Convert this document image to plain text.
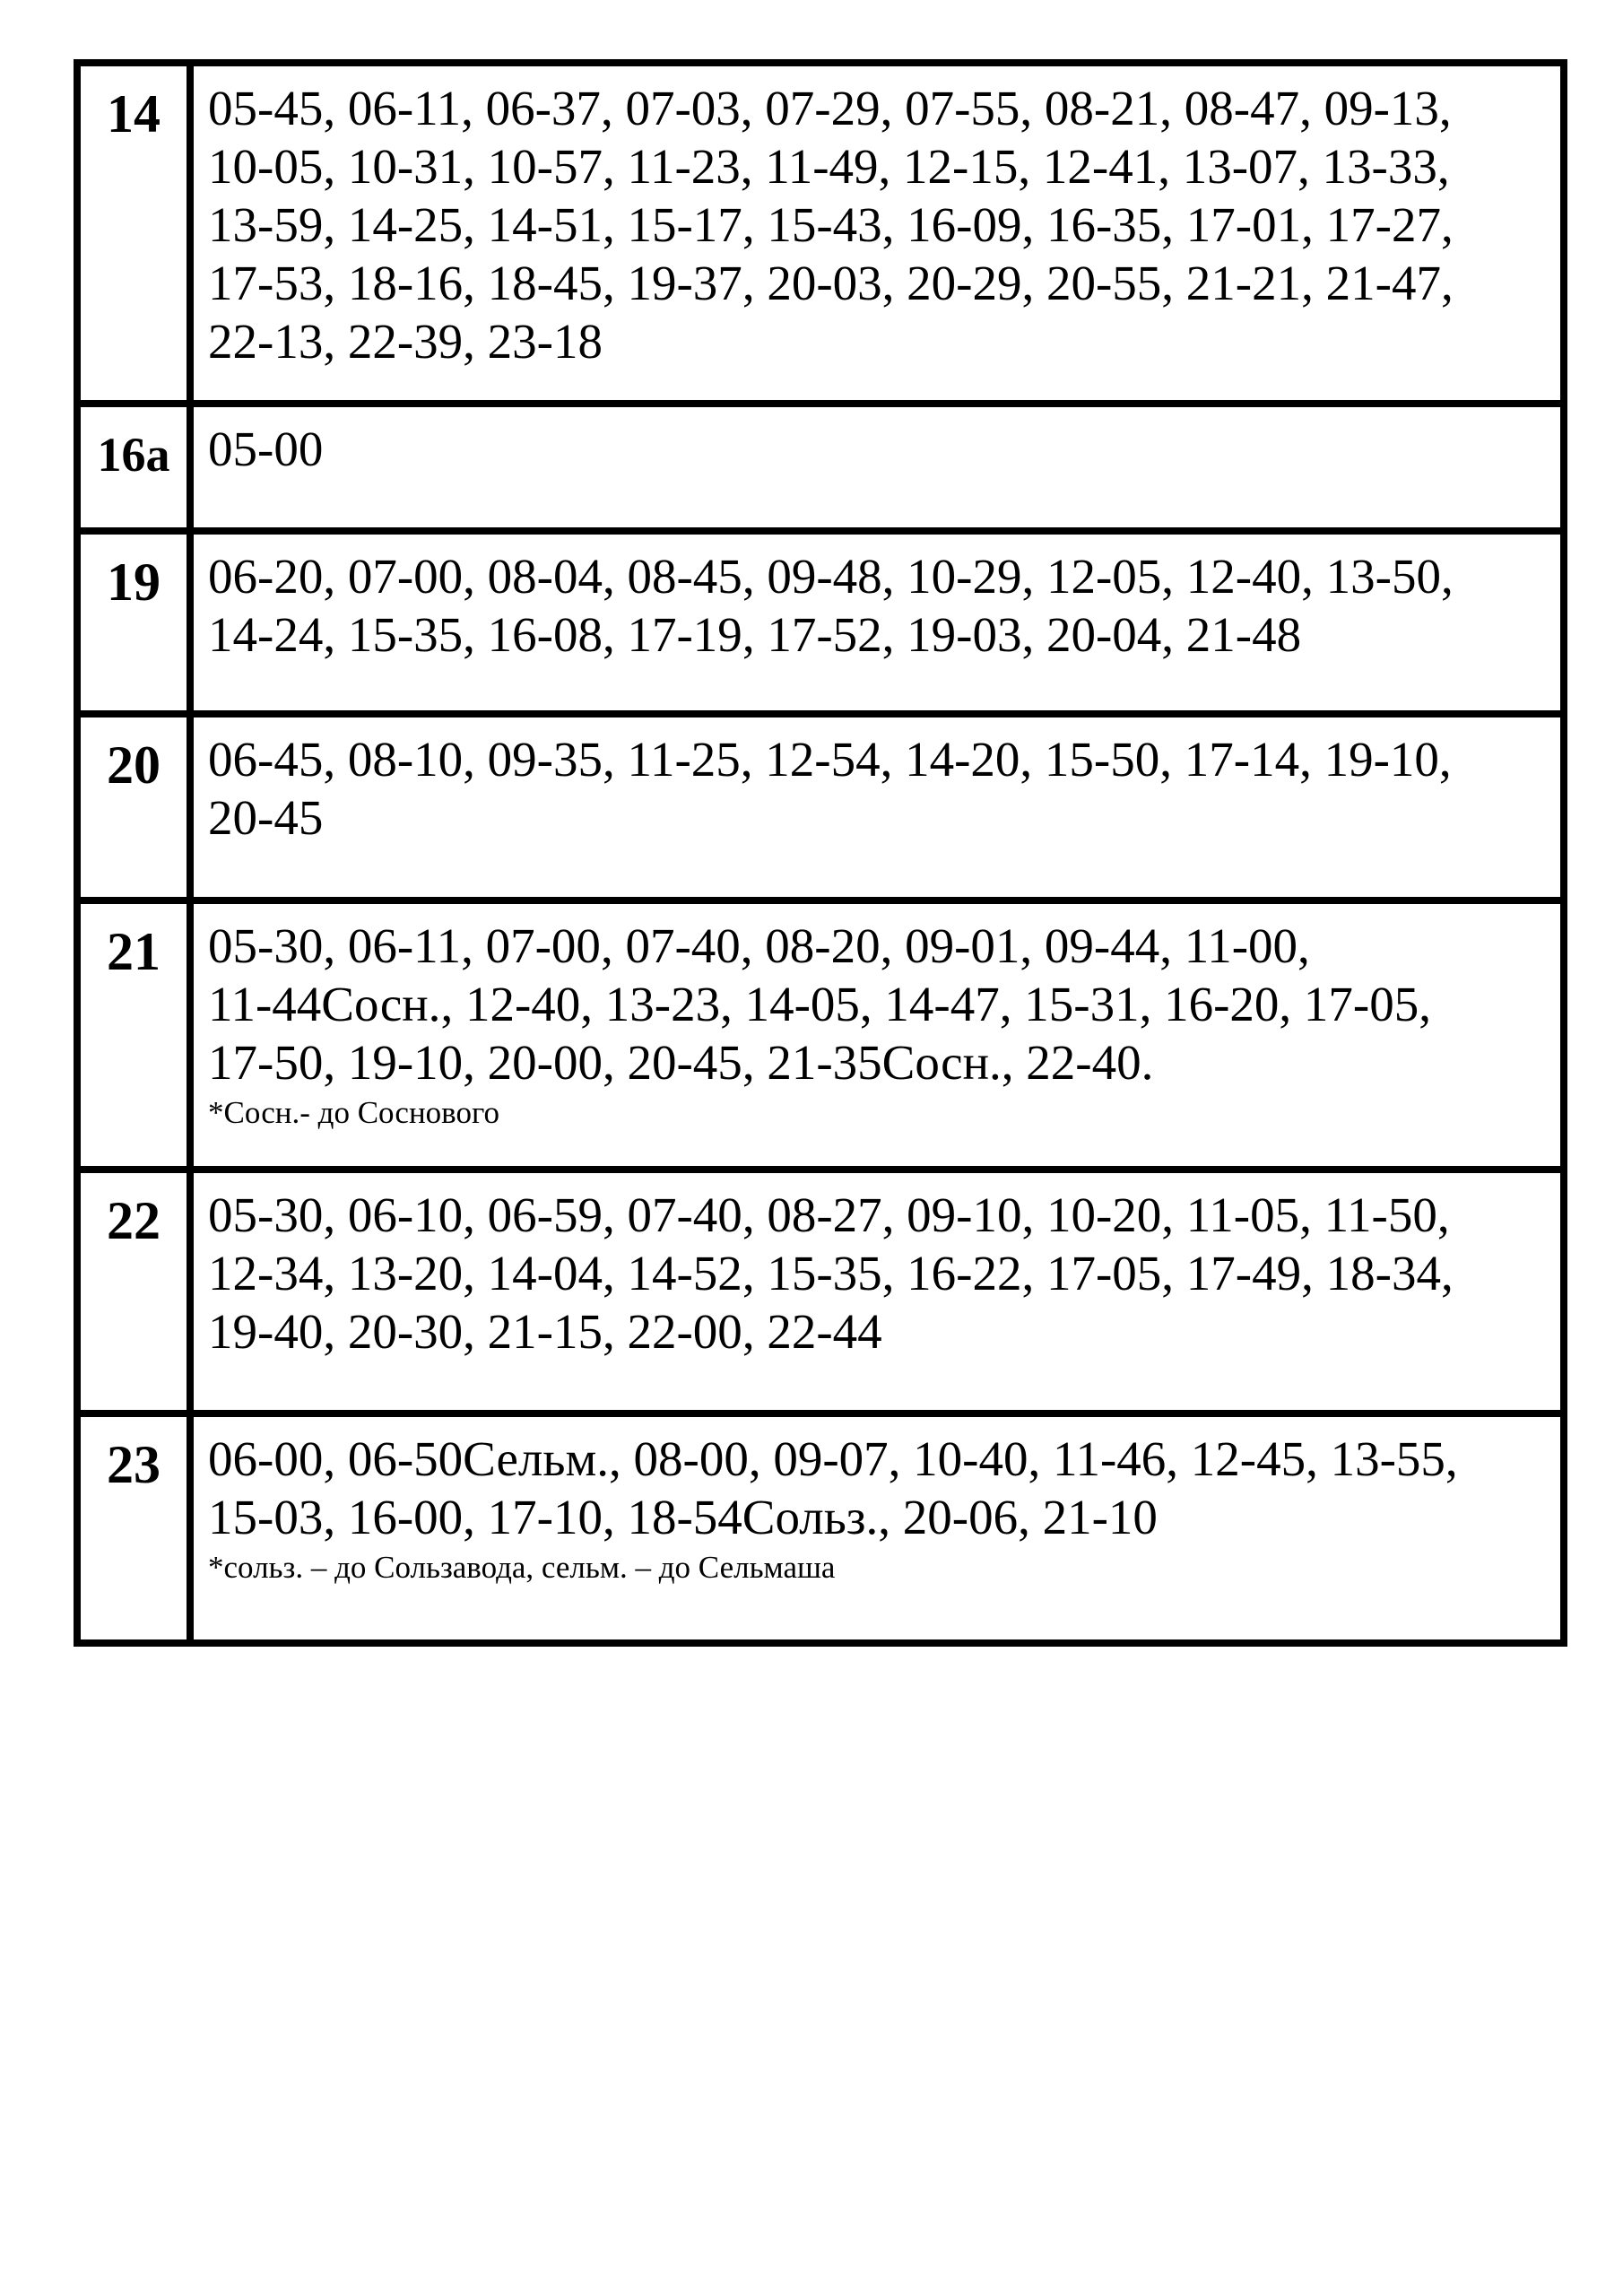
14	05-45, 06-11, 06-37, 07-03, 07-29, 07-55, 08-21, 08-47, 09-13, 10-05, 10-31, 10-57, 11-23, 11-49, 12-15, 12-41, 13-07, 13-33, 13-59, 14-25, 14-51, 15-17, 15-43, 16-09, 16-35, 17-01, 17-27, 17-53, 18-16, 18-45, 19-37, 20-03, 20-29, 20-55, 21-21, 21-47, 22-13, 22-39, 23-18

16а	05-00

19	06-20, 07-00, 08-04, 08-45, 09-48, 10-29, 12-05, 12-40, 13-50, 14-24, 15-35, 16-08, 17-19, 17-52, 19-03, 20-04, 21-48

20	06-45, 08-10, 09-35, 11-25, 12-54, 14-20, 15-50, 17-14, 19-10, 20-45

21	05-30, 06-11, 07-00, 07-40, 08-20, 09-01, 09-44, 11-00, 11-44Сосн., 12-40, 13-23, 14-05, 14-47, 15-31, 16-20, 17-05, 17-50, 19-10, 20-00, 20-45, 21-35Сосн., 22-40.
*Сосн.- до Соснового

22	05-30, 06-10, 06-59, 07-40, 08-27, 09-10, 10-20, 11-05, 11-50, 12-34, 13-20, 14-04, 14-52, 15-35, 16-22, 17-05, 17-49, 18-34, 19-40, 20-30, 21-15, 22-00, 22-44

23	06-00, 06-50Сельм., 08-00, 09-07, 10-40, 11-46, 12-45, 13-55, 15-03, 16-00, 17-10, 18-54Сольз., 20-06, 21-10
*сольз. – до Сользавода, сельм. – до Сельмаша
